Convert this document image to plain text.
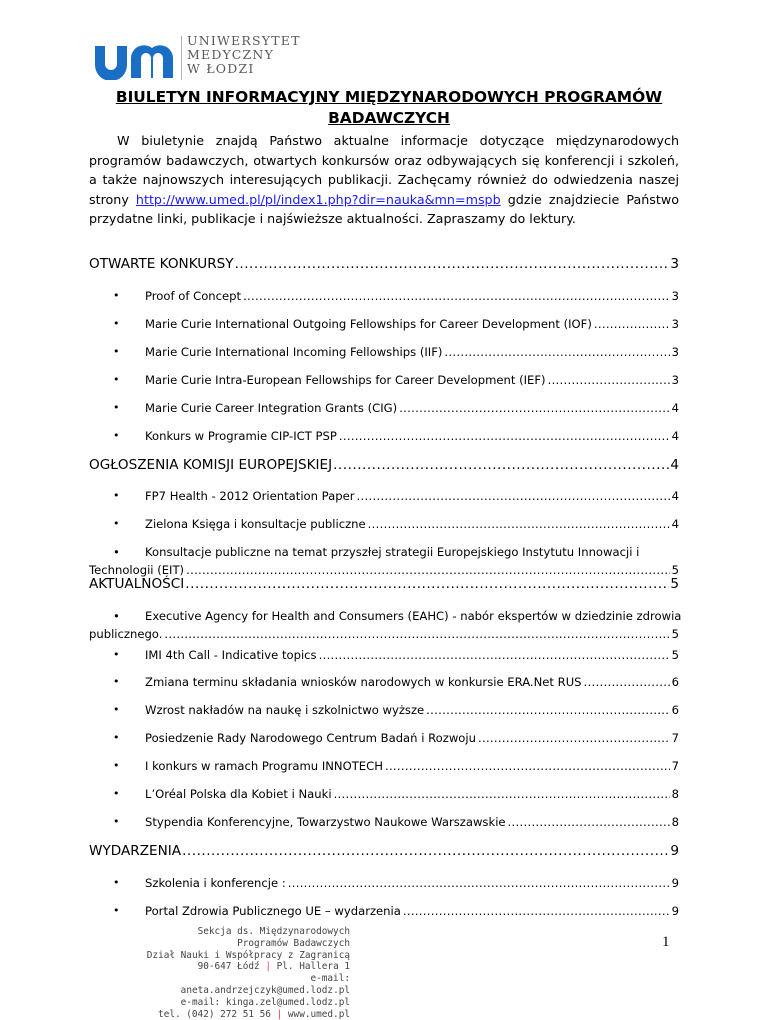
UNIWERSYTET
MEDYCZNY
W ŁODZI
BIULETYN INFORMACYJNY MIĘDZYNARODOWYCH PROGRAMÓW
BADAWCZYCH
W biuletynie znajdą Państwo aktualne informacje dotyczące międzynarodowych programów badawczych, otwartych konkursów oraz odbywających się konferencji i szkoleń, a także najnowszych interesujących publikacji. Zachęcamy również do odwiedzenia naszej strony http://www.umed.pl/pl/index1.php?dir=nauka&mn=mspb gdzie znajdziecie Państwo przydatne linki, publikacje i najświeższe aktualności. Zapraszamy do lektury.
OTWARTE KONKURSY .....	3
• Proof of Concept .....	3
• Marie Curie International Outgoing Fellowships for Career Development (IOF) .....	3
• Marie Curie International Incoming Fellowships (IIF) .....	3
• Marie Curie Intra-European Fellowships for Career Development (IEF) .....	3
• Marie Curie Career Integration Grants (CIG) .....	4
• Konkurs w Programie CIP-ICT PSP .....	4
OGŁOSZENIA KOMISJI EUROPEJSKIEJ .....	4
• FP7 Health - 2012 Orientation Paper .....	4
• Zielona Księga i konsultacje publiczne .....	4
• Konsultacje publiczne na temat przyszłej strategii Europejskiego Instytutu Innowacji i
Technologii (EIT) .....	5
AKTUALNOŚCI .....	5
• Executive Agency for Health and Consumers (EAHC) - nabór ekspertów w dziedzinie zdrowia
publicznego. .....	5
• IMI 4th Call - Indicative topics .....	5
• Zmiana terminu składania wniosków narodowych w konkursie ERA.Net RUS .....	6
• Wzrost nakładów na naukę i szkolnictwo wyższe .....	6
• Posiedzenie Rady Narodowego Centrum Badań i Rozwoju .....	7
• I konkurs w ramach Programu INNOTECH .....	7
• L’Oréal Polska dla Kobiet i Nauki .....	8
• Stypendia Konferencyjne, Towarzystwo Naukowe Warszawskie .....	8
WYDARZENIA .....	9
• Szkolenia i konferencje : .....	9
• Portal Zdrowia Publicznego UE – wydarzenia .....	9
Sekcja ds. Międzynarodowych
Programów Badawczych
Dział Nauki i Współpracy z Zagranicą
90-647 Łódź | Pl. Hallera 1
e-mail: aneta.andrzejczyk@umed.lodz.pl
e-mail: kinga.zel@umed.lodz.pl
tel. (042) 272 51 56 | www.umed.pl
1
